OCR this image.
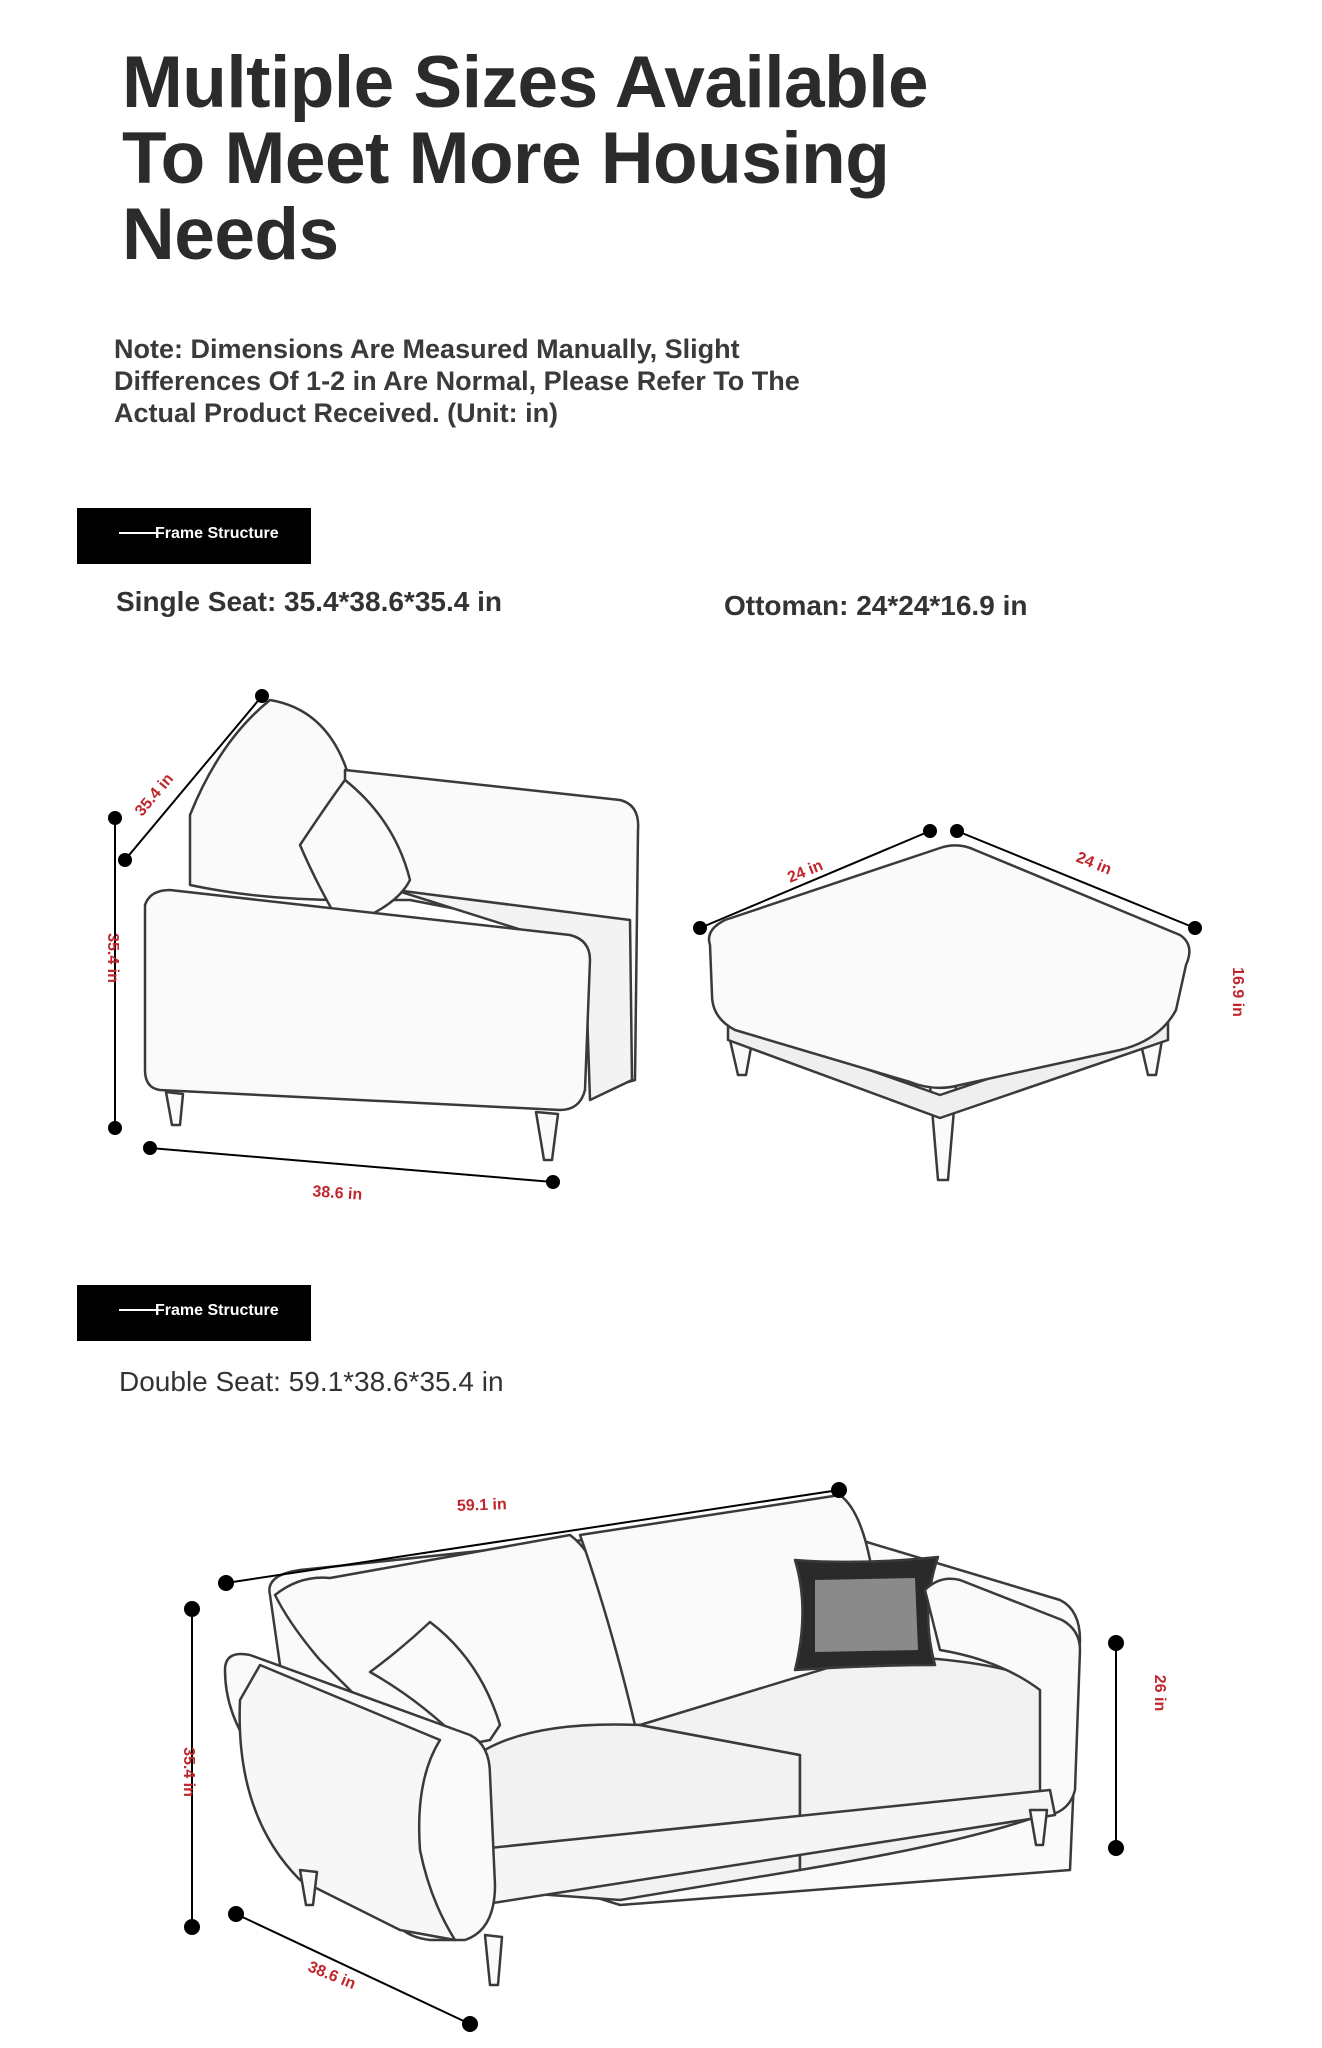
Multiple Sizes Available
To Meet More Housing
Needs

Note: Dimensions Are Measured Manually, Slight
Differences Of 1-2 in Are Normal, Please Refer To The
Actual Product Received. (Unit: in)

Frame Structure
Single Seat: 35.4*38.6*35.4 in	Ottoman: 24*24*16.9 in
Frame Structure
Double Seat: 59.1*38.6*35.4 in
35.4 in
35.4 in
38.6 in
24 in	24 in
16.9 in
59.1 in
35.4 in
38.6 in
26 in
